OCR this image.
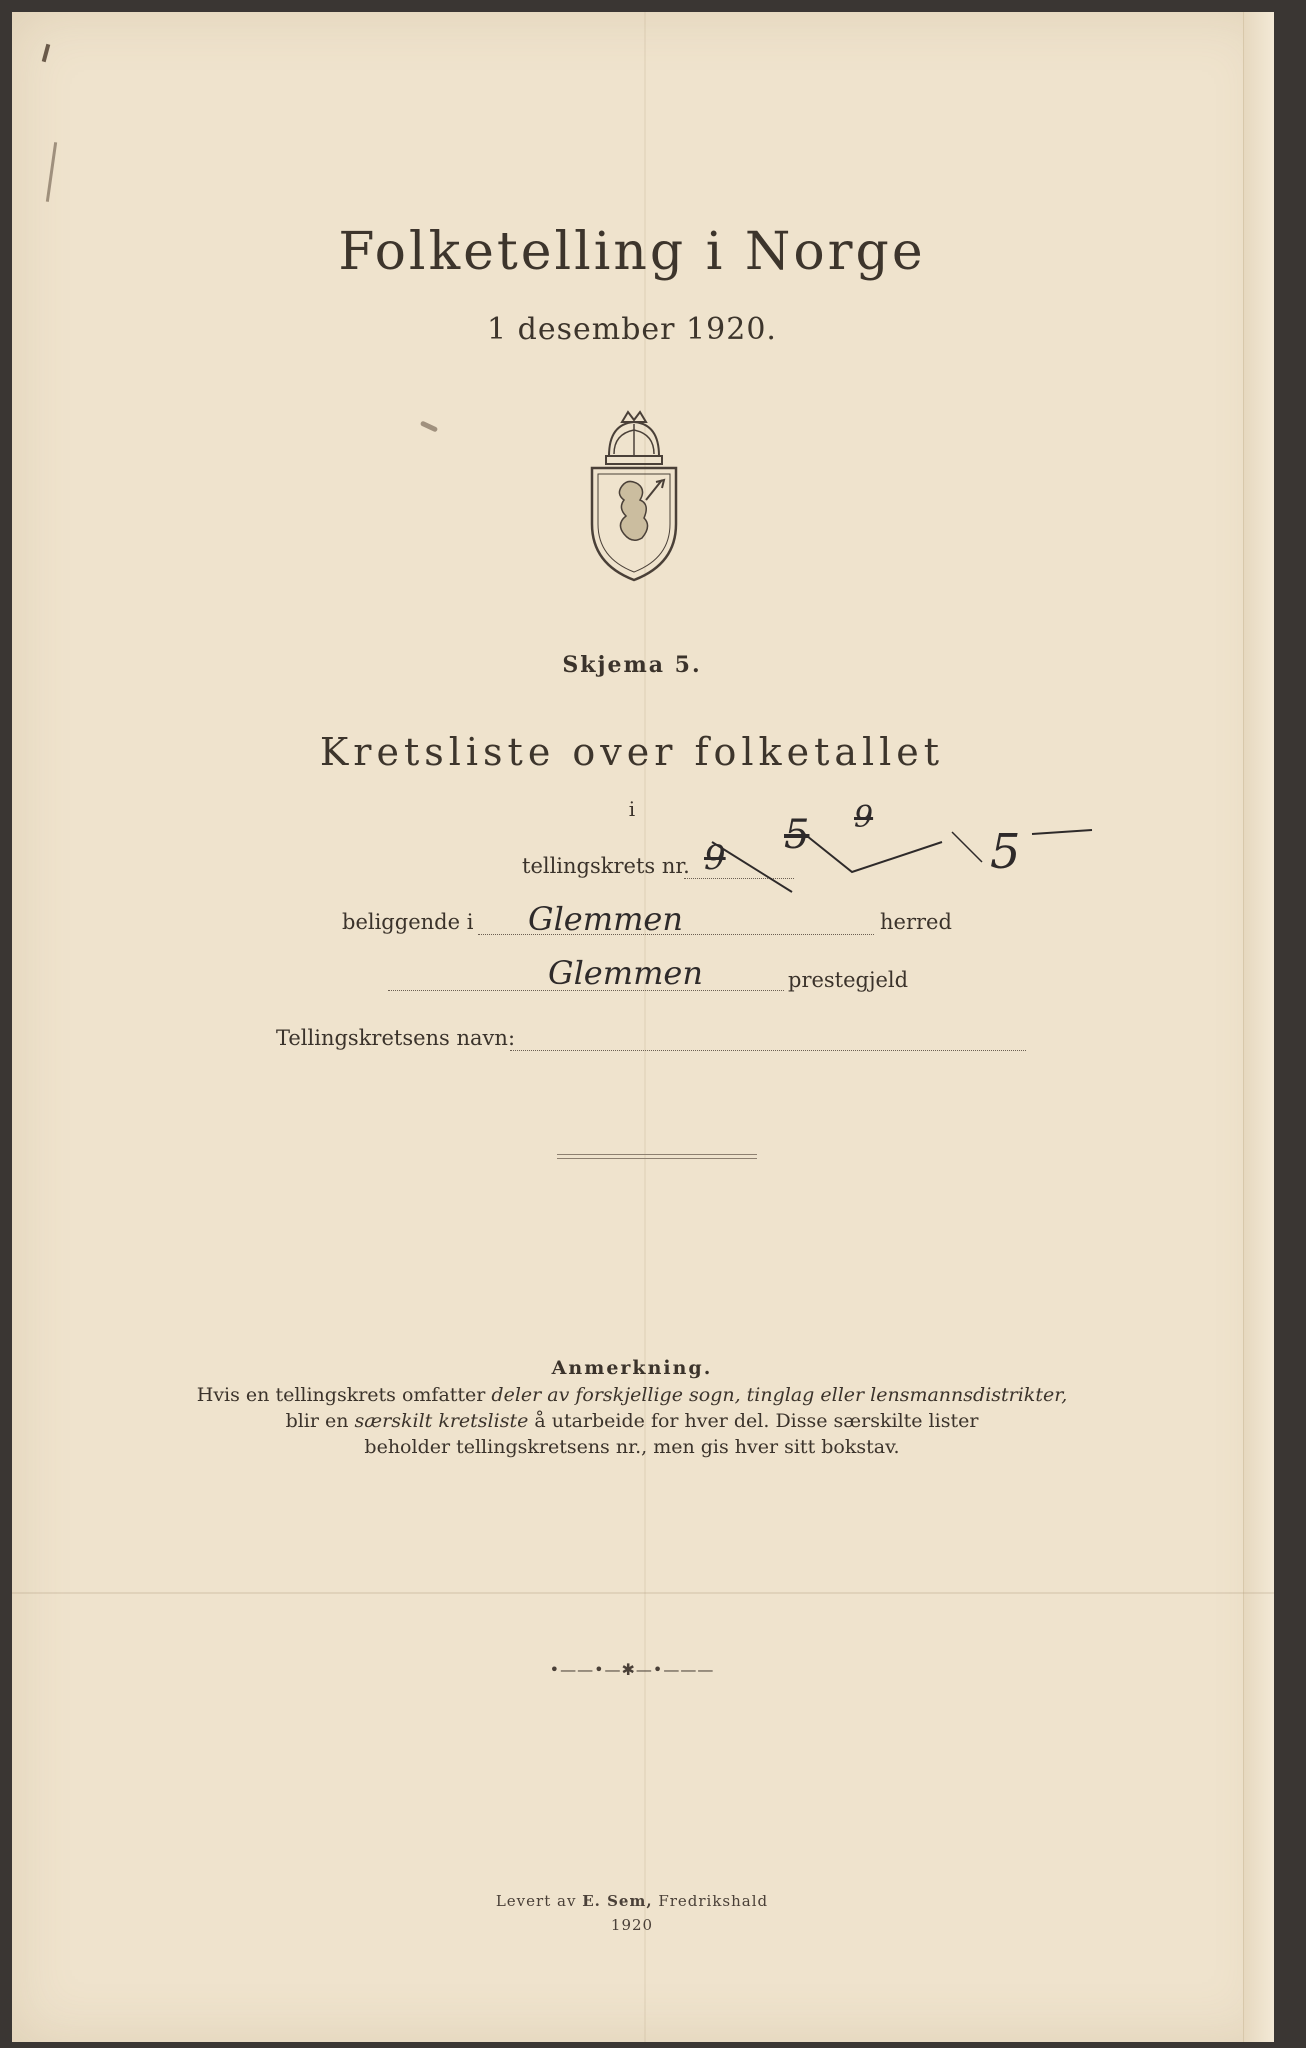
Folketelling i Norge
1 desember 1920.
Skjema 5.
Kretsliste over folketallet
i
tellingskrets nr. 9 5 9
5
beliggende i Glemmen	herred
Glemmen	prestegjeld
Tellingskretsens navn:
Anmerkning.
Hvis en tellingskrets omfatter deler av forskjellige sogn, tinglag eller lensmannsdistrikter,
blir en særskilt kretsliste å utarbeide for hver del. Disse særskilte lister
beholder tellingskretsens nr., men gis hver sitt bokstav.
•——•—✱—•———
Levert av E. Sem, Fredrikshald
1920
